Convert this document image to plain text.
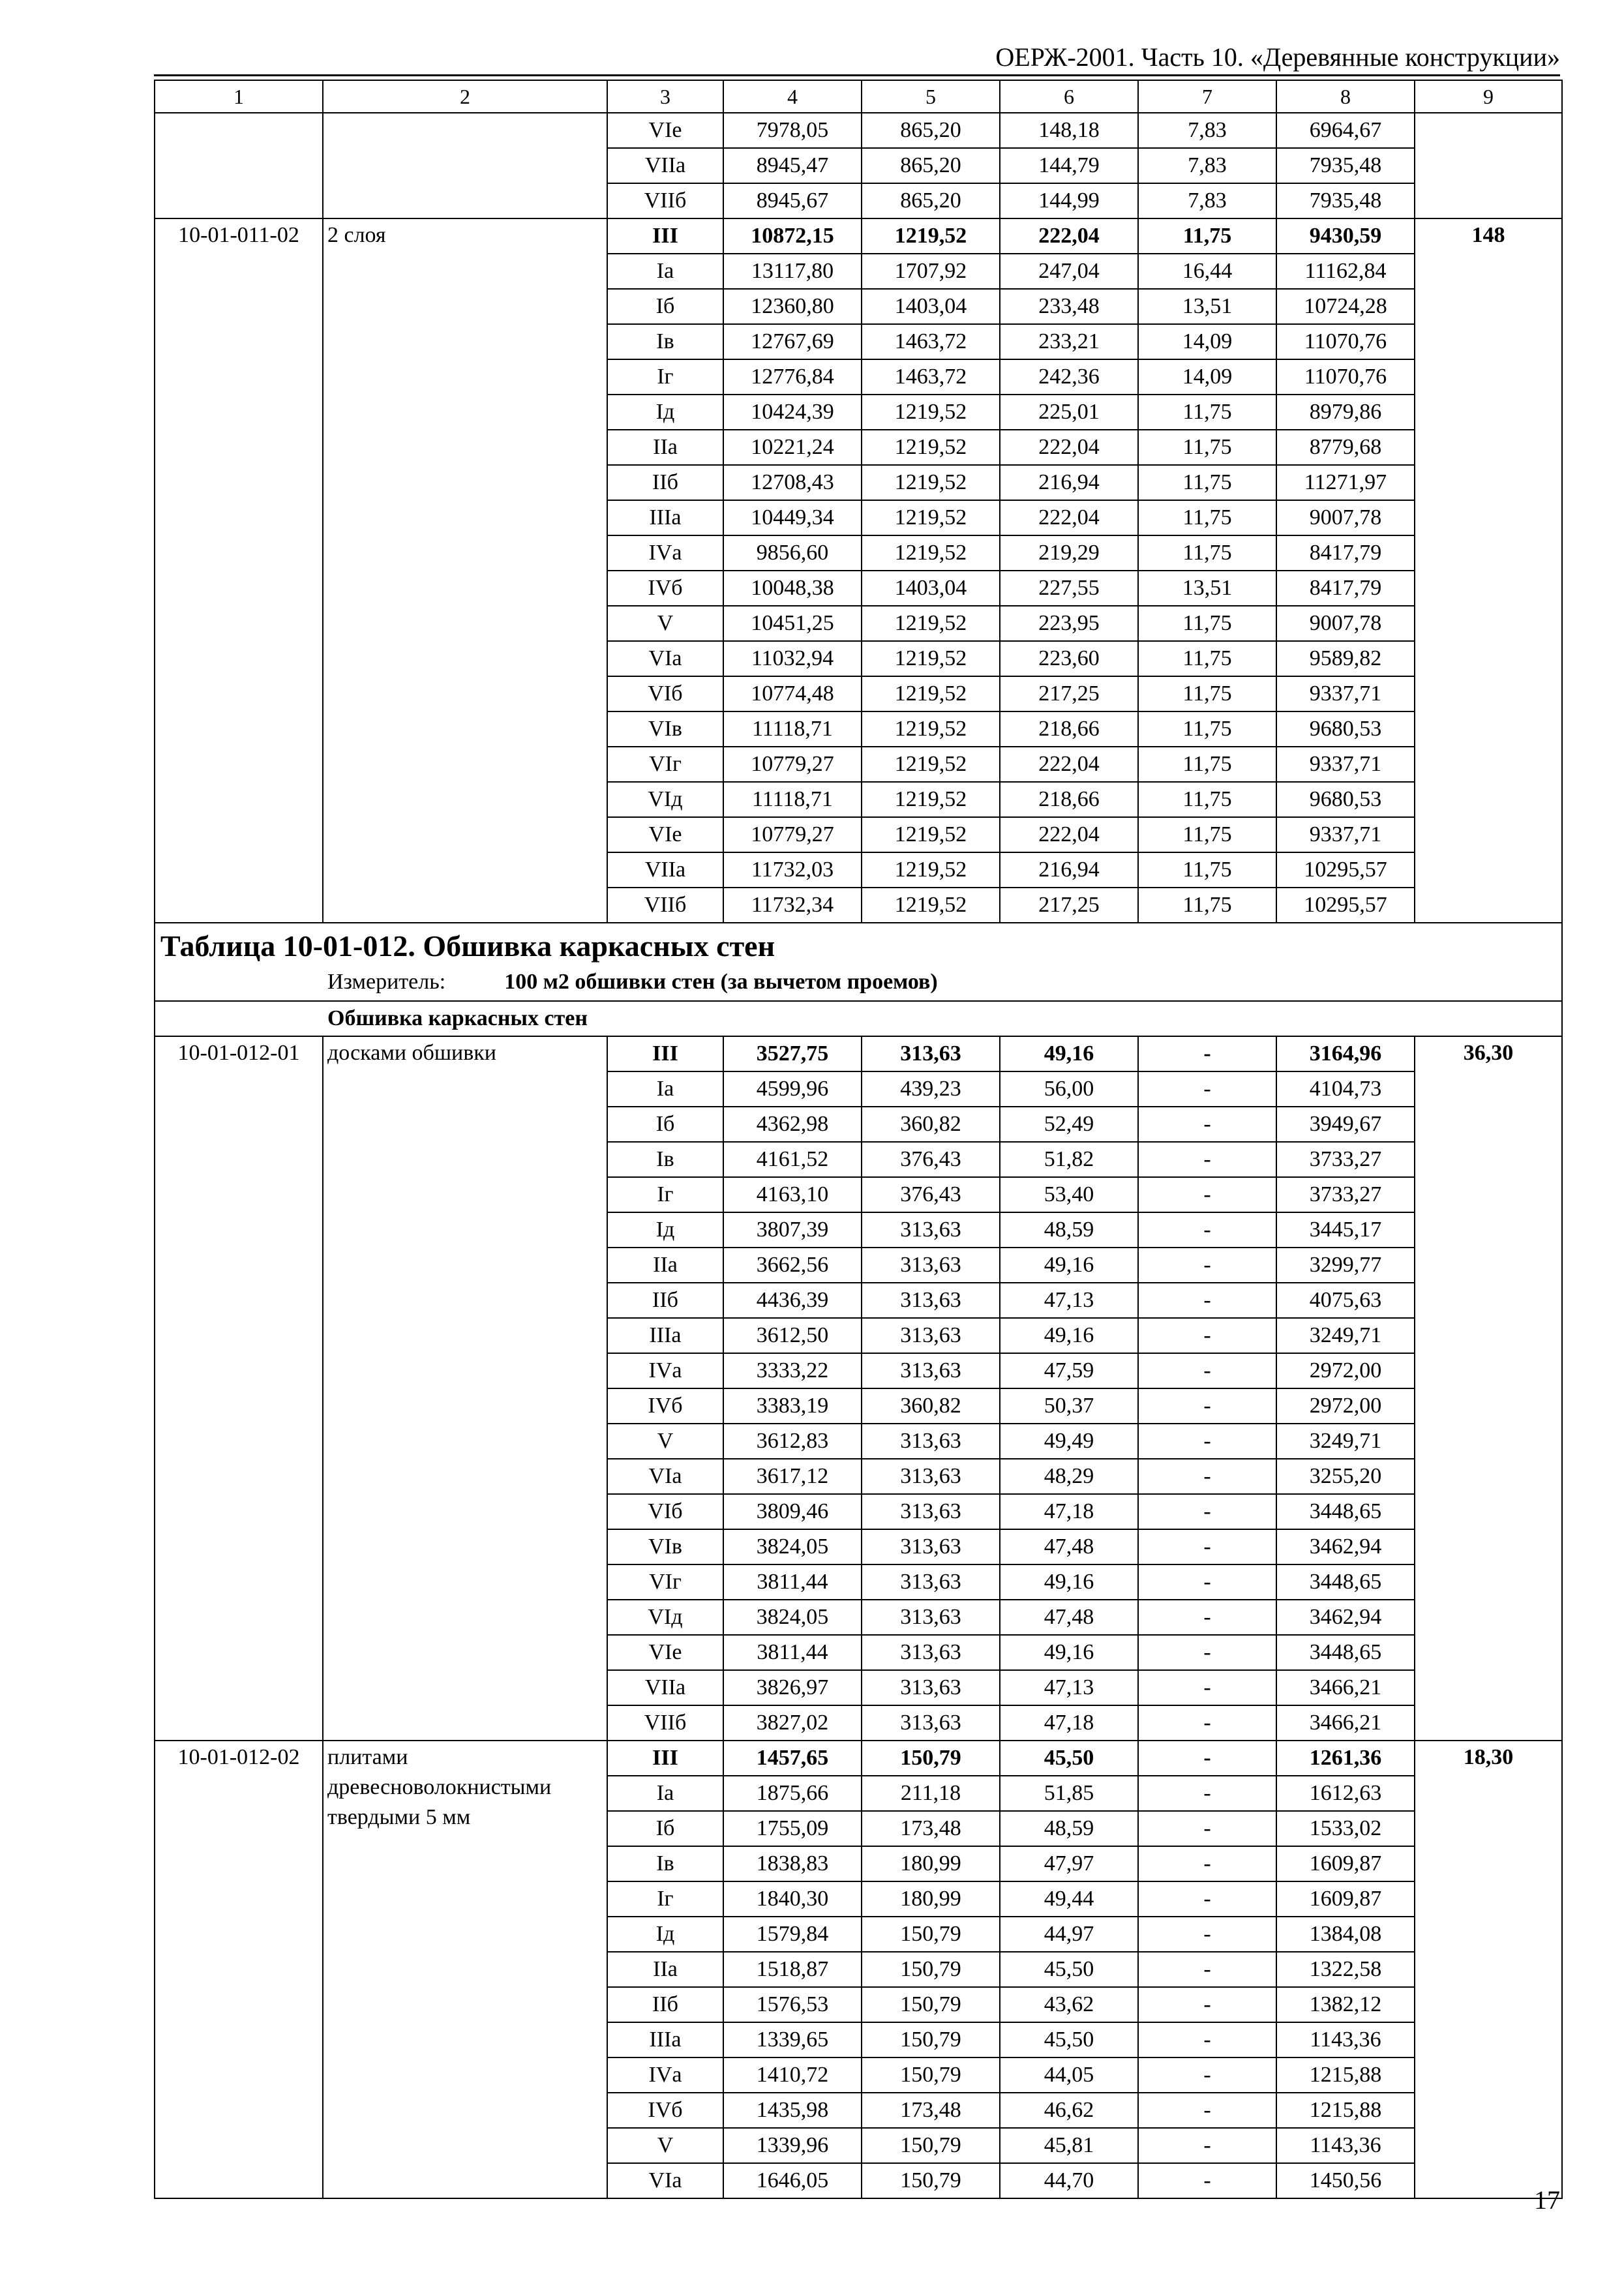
ОЕРЖ-2001. Часть 10. «Деревянные конструкции»
1	2	3	4	5	6	7	8	9
		VIе	7978,05	865,20	148,18	7,83	6964,67	
		VIIа	8945,47	865,20	144,79	7,83	7935,48	
		VIIб	8945,67	865,20	144,99	7,83	7935,48	
10-01-011-02	2 слоя	III	10872,15	1219,52	222,04	11,75	9430,59	148
		Iа	13117,80	1707,92	247,04	16,44	11162,84	
		Iб	12360,80	1403,04	233,48	13,51	10724,28	
		Iв	12767,69	1463,72	233,21	14,09	11070,76	
		Iг	12776,84	1463,72	242,36	14,09	11070,76	
		Iд	10424,39	1219,52	225,01	11,75	8979,86	
		IIа	10221,24	1219,52	222,04	11,75	8779,68	
		IIб	12708,43	1219,52	216,94	11,75	11271,97	
		IIIа	10449,34	1219,52	222,04	11,75	9007,78	
		IVа	9856,60	1219,52	219,29	11,75	8417,79	
		IVб	10048,38	1403,04	227,55	13,51	8417,79	
		V	10451,25	1219,52	223,95	11,75	9007,78	
		VIа	11032,94	1219,52	223,60	11,75	9589,82	
		VIб	10774,48	1219,52	217,25	11,75	9337,71	
		VIв	11118,71	1219,52	218,66	11,75	9680,53	
		VIг	10779,27	1219,52	222,04	11,75	9337,71	
		VIд	11118,71	1219,52	218,66	11,75	9680,53	
		VIе	10779,27	1219,52	222,04	11,75	9337,71	
		VIIа	11732,03	1219,52	216,94	11,75	10295,57	
		VIIб	11732,34	1219,52	217,25	11,75	10295,57	

Таблица 10-01-012. Обшивка каркасных стен
Измеритель: 100 м2 обшивки стен (за вычетом проемов)								

Обшивка каркасных стен								
10-01-012-01	досками обшивки	III	3527,75	313,63	49,16	-	3164,96	36,30
		Iа	4599,96	439,23	56,00	-	4104,73	
		Iб	4362,98	360,82	52,49	-	3949,67	
		Iв	4161,52	376,43	51,82	-	3733,27	
		Iг	4163,10	376,43	53,40	-	3733,27	
		Iд	3807,39	313,63	48,59	-	3445,17	
		IIа	3662,56	313,63	49,16	-	3299,77	
		IIб	4436,39	313,63	47,13	-	4075,63	
		IIIа	3612,50	313,63	49,16	-	3249,71	
		IVа	3333,22	313,63	47,59	-	2972,00	
		IVб	3383,19	360,82	50,37	-	2972,00	
		V	3612,83	313,63	49,49	-	3249,71	
		VIа	3617,12	313,63	48,29	-	3255,20	
		VIб	3809,46	313,63	47,18	-	3448,65	
		VIв	3824,05	313,63	47,48	-	3462,94	
		VIг	3811,44	313,63	49,16	-	3448,65	
		VIд	3824,05	313,63	47,48	-	3462,94	
		VIе	3811,44	313,63	49,16	-	3448,65	
		VIIа	3826,97	313,63	47,13	-	3466,21	
		VIIб	3827,02	313,63	47,18	-	3466,21	
10-01-012-02	плитами древесноволокнистыми твердыми 5 мм	III	1457,65	150,79	45,50	-	1261,36	18,30
		Iа	1875,66	211,18	51,85	-	1612,63	
		Iб	1755,09	173,48	48,59	-	1533,02	
		Iв	1838,83	180,99	47,97	-	1609,87	
		Iг	1840,30	180,99	49,44	-	1609,87	
		Iд	1579,84	150,79	44,97	-	1384,08	
		IIа	1518,87	150,79	45,50	-	1322,58	
		IIб	1576,53	150,79	43,62	-	1382,12	
		IIIа	1339,65	150,79	45,50	-	1143,36	
		IVа	1410,72	150,79	44,05	-	1215,88	
		IVб	1435,98	173,48	46,62	-	1215,88	
		V	1339,96	150,79	45,81	-	1143,36	
		VIа	1646,05	150,79	44,70	-	1450,56	
17
